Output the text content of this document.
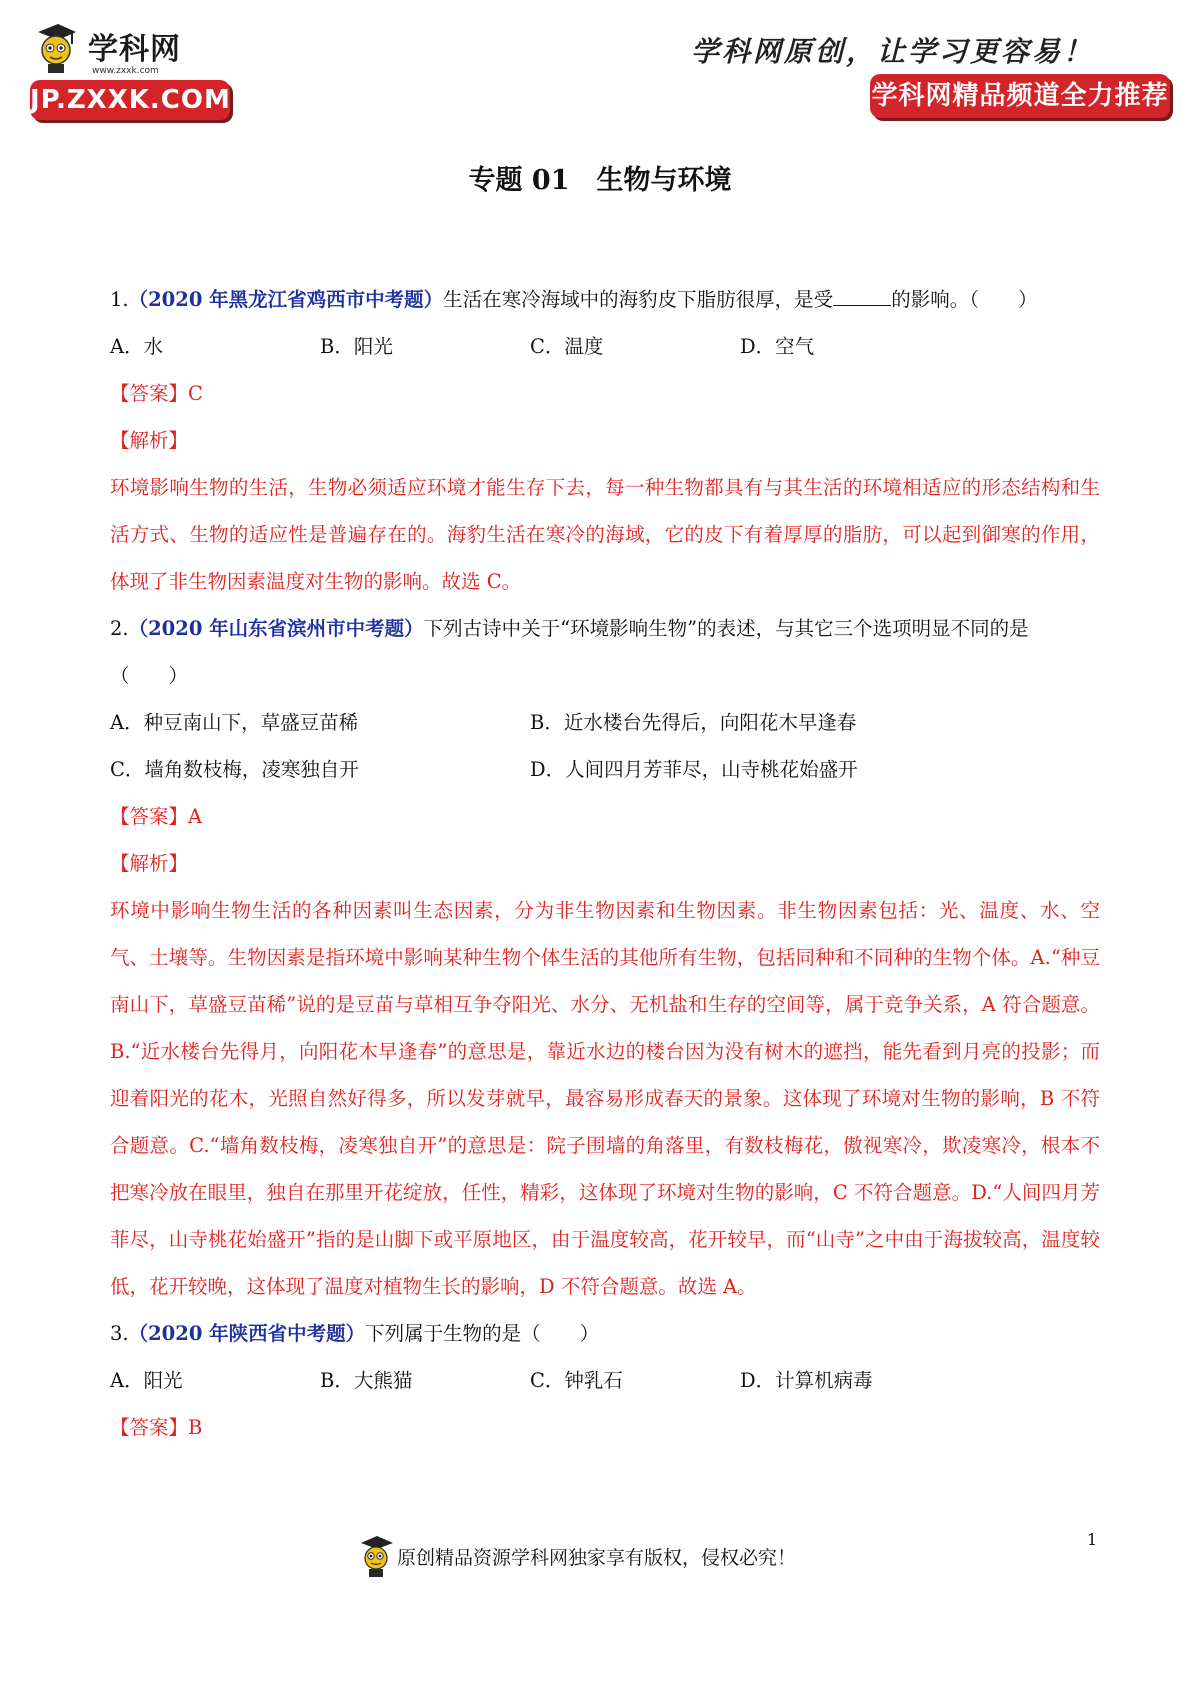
学科网
www.zxxk.com
JP.ZXXK.COM
学科网原创，让学习更容易！
学科网精品频道全力推荐
专题 01　生物与环境
1.（2020 年黑龙江省鸡西市中考题）生活在寒冷海域中的海豹皮下脂肪很厚，是受	的影响。（　　）
A．水	B．阳光	C．温度	D．空气
【答案】C
【解析】
环境影响生物的生活，生物必须适应环境才能生存下去，每一种生物都具有与其生活的环境相适应的形态结构和生活方式、生物的适应性是普遍存在的。海豹生活在寒冷的海域，它的皮下有着厚厚的脂肪，可以起到御寒的作用，体现了非生物因素温度对生物的影响。故选 C。
2.（2020 年山东省滨州市中考题）下列古诗中关于“环境影响生物”的表述，与其它三个选项明显不同的是
（　　）
A．种豆南山下，草盛豆苗稀	B．近水楼台先得后，向阳花木早逢春
C．墙角数枝梅，凌寒独自开	D．人间四月芳菲尽，山寺桃花始盛开
【答案】A
【解析】
环境中影响生物生活的各种因素叫生态因素，分为非生物因素和生物因素。非生物因素包括：光、温度、水、空气、土壤等。生物因素是指环境中影响某种生物个体生活的其他所有生物，包括同种和不同种的生物个体。A.“种豆南山下，草盛豆苗稀”说的是豆苗与草相互争夺阳光、水分、无机盐和生存的空间等，属于竞争关系，A 符合题意。B.“近水楼台先得月，向阳花木早逢春”的意思是，靠近水边的楼台因为没有树木的遮挡，能先看到月亮的投影；而迎着阳光的花木，光照自然好得多，所以发芽就早，最容易形成春天的景象。这体现了环境对生物的影响，B 不符合题意。C.“墙角数枝梅，凌寒独自开”的意思是：院子围墙的角落里，有数枝梅花，傲视寒冷，欺凌寒冷，根本不把寒冷放在眼里，独自在那里开花绽放，任性，精彩，这体现了环境对生物的影响，C 不符合题意。D.“人间四月芳菲尽，山寺桃花始盛开”指的是山脚下或平原地区，由于温度较高，花开较早，而“山寺”之中由于海拔较高，温度较低，花开较晚，这体现了温度对植物生长的影响，D 不符合题意。故选 A。
3.（2020 年陕西省中考题）下列属于生物的是（　　）
A．阳光	B．大熊猫	C．钟乳石	D．计算机病毒
【答案】B
原创精品资源学科网独家享有版权，侵权必究！
1
